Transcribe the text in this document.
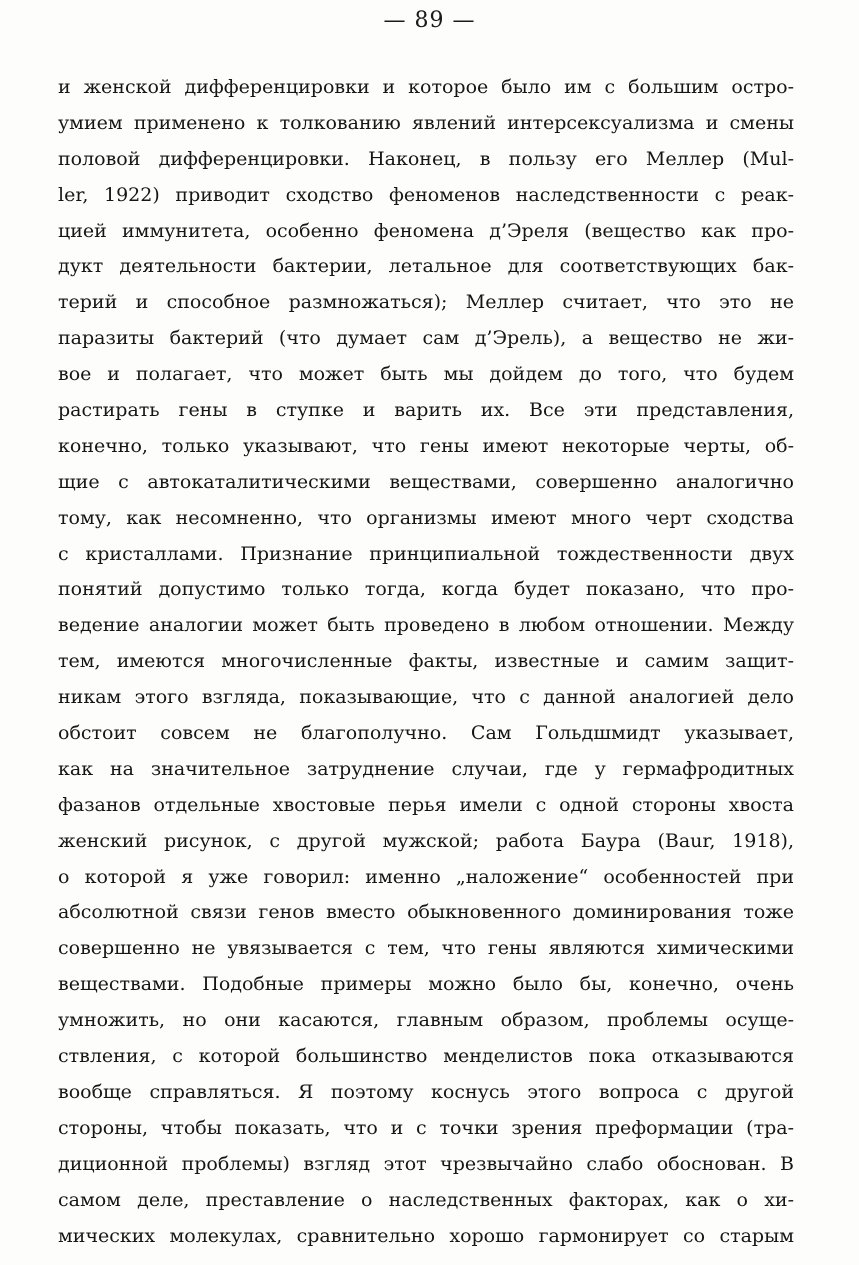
— 89 —
и женской дифференцировки и которое было им с большим остро-
умием применено к толкованию явлений интерсексуализма и смены
половой дифференцировки. Наконец, в пользу его Меллер (Mul-
ler, 1922) приводит сходство феноменов наследственности с реак-
цией иммунитета, особенно феномена д’Эреля (вещество как про-
дукт деятельности бактерии, летальное для соответствующих бак-
терий и способное размножаться); Меллер считает, что это не
паразиты бактерий (что думает сам д’Эрель), а вещество не жи-
вое и полагает, что может быть мы дойдем до того, что будем
растирать гены в ступке и варить их. Все эти представления,
конечно, только указывают, что гены имеют некоторые черты, об-
щие с автокаталитическими веществами, совершенно аналогично
тому, как несомненно, что организмы имеют много черт сходства
с кристаллами. Признание принципиальной тождественности двух
понятий допустимо только тогда, когда будет показано, что про-
ведение аналогии может быть проведено в любом отношении. Между
тем, имеются многочисленные факты, известные и самим защит-
никам этого взгляда, показывающие, что с данной аналогией дело
обстоит совсем не благополучно. Сам Гольдшмидт указывает,
как на значительное затруднение случаи, где у гермафродитных
фазанов отдельные хвостовые перья имели с одной стороны хвоста
женский рисунок, с другой мужской; работа Баура (Baur, 1918),
о которой я уже говорил: именно „наложение“ особенностей при
абсолютной связи генов вместо обыкновенного доминирования тоже
совершенно не увязывается с тем, что гены являются химическими
веществами. Подобные примеры можно было бы, конечно, очень
умножить, но они касаются, главным образом, проблемы осуще-
ствления, с которой большинство менделистов пока отказываются
вообще справляться. Я поэтому коснусь этого вопроса с другой
стороны, чтобы показать, что и с точки зрения преформации (тра-
диционной проблемы) взгляд этот чрезвычайно слабо обоснован. В
самом деле, преставление о наследственных факторах, как о хи-
мических молекулах, сравнительно хорошо гармонирует со старым
